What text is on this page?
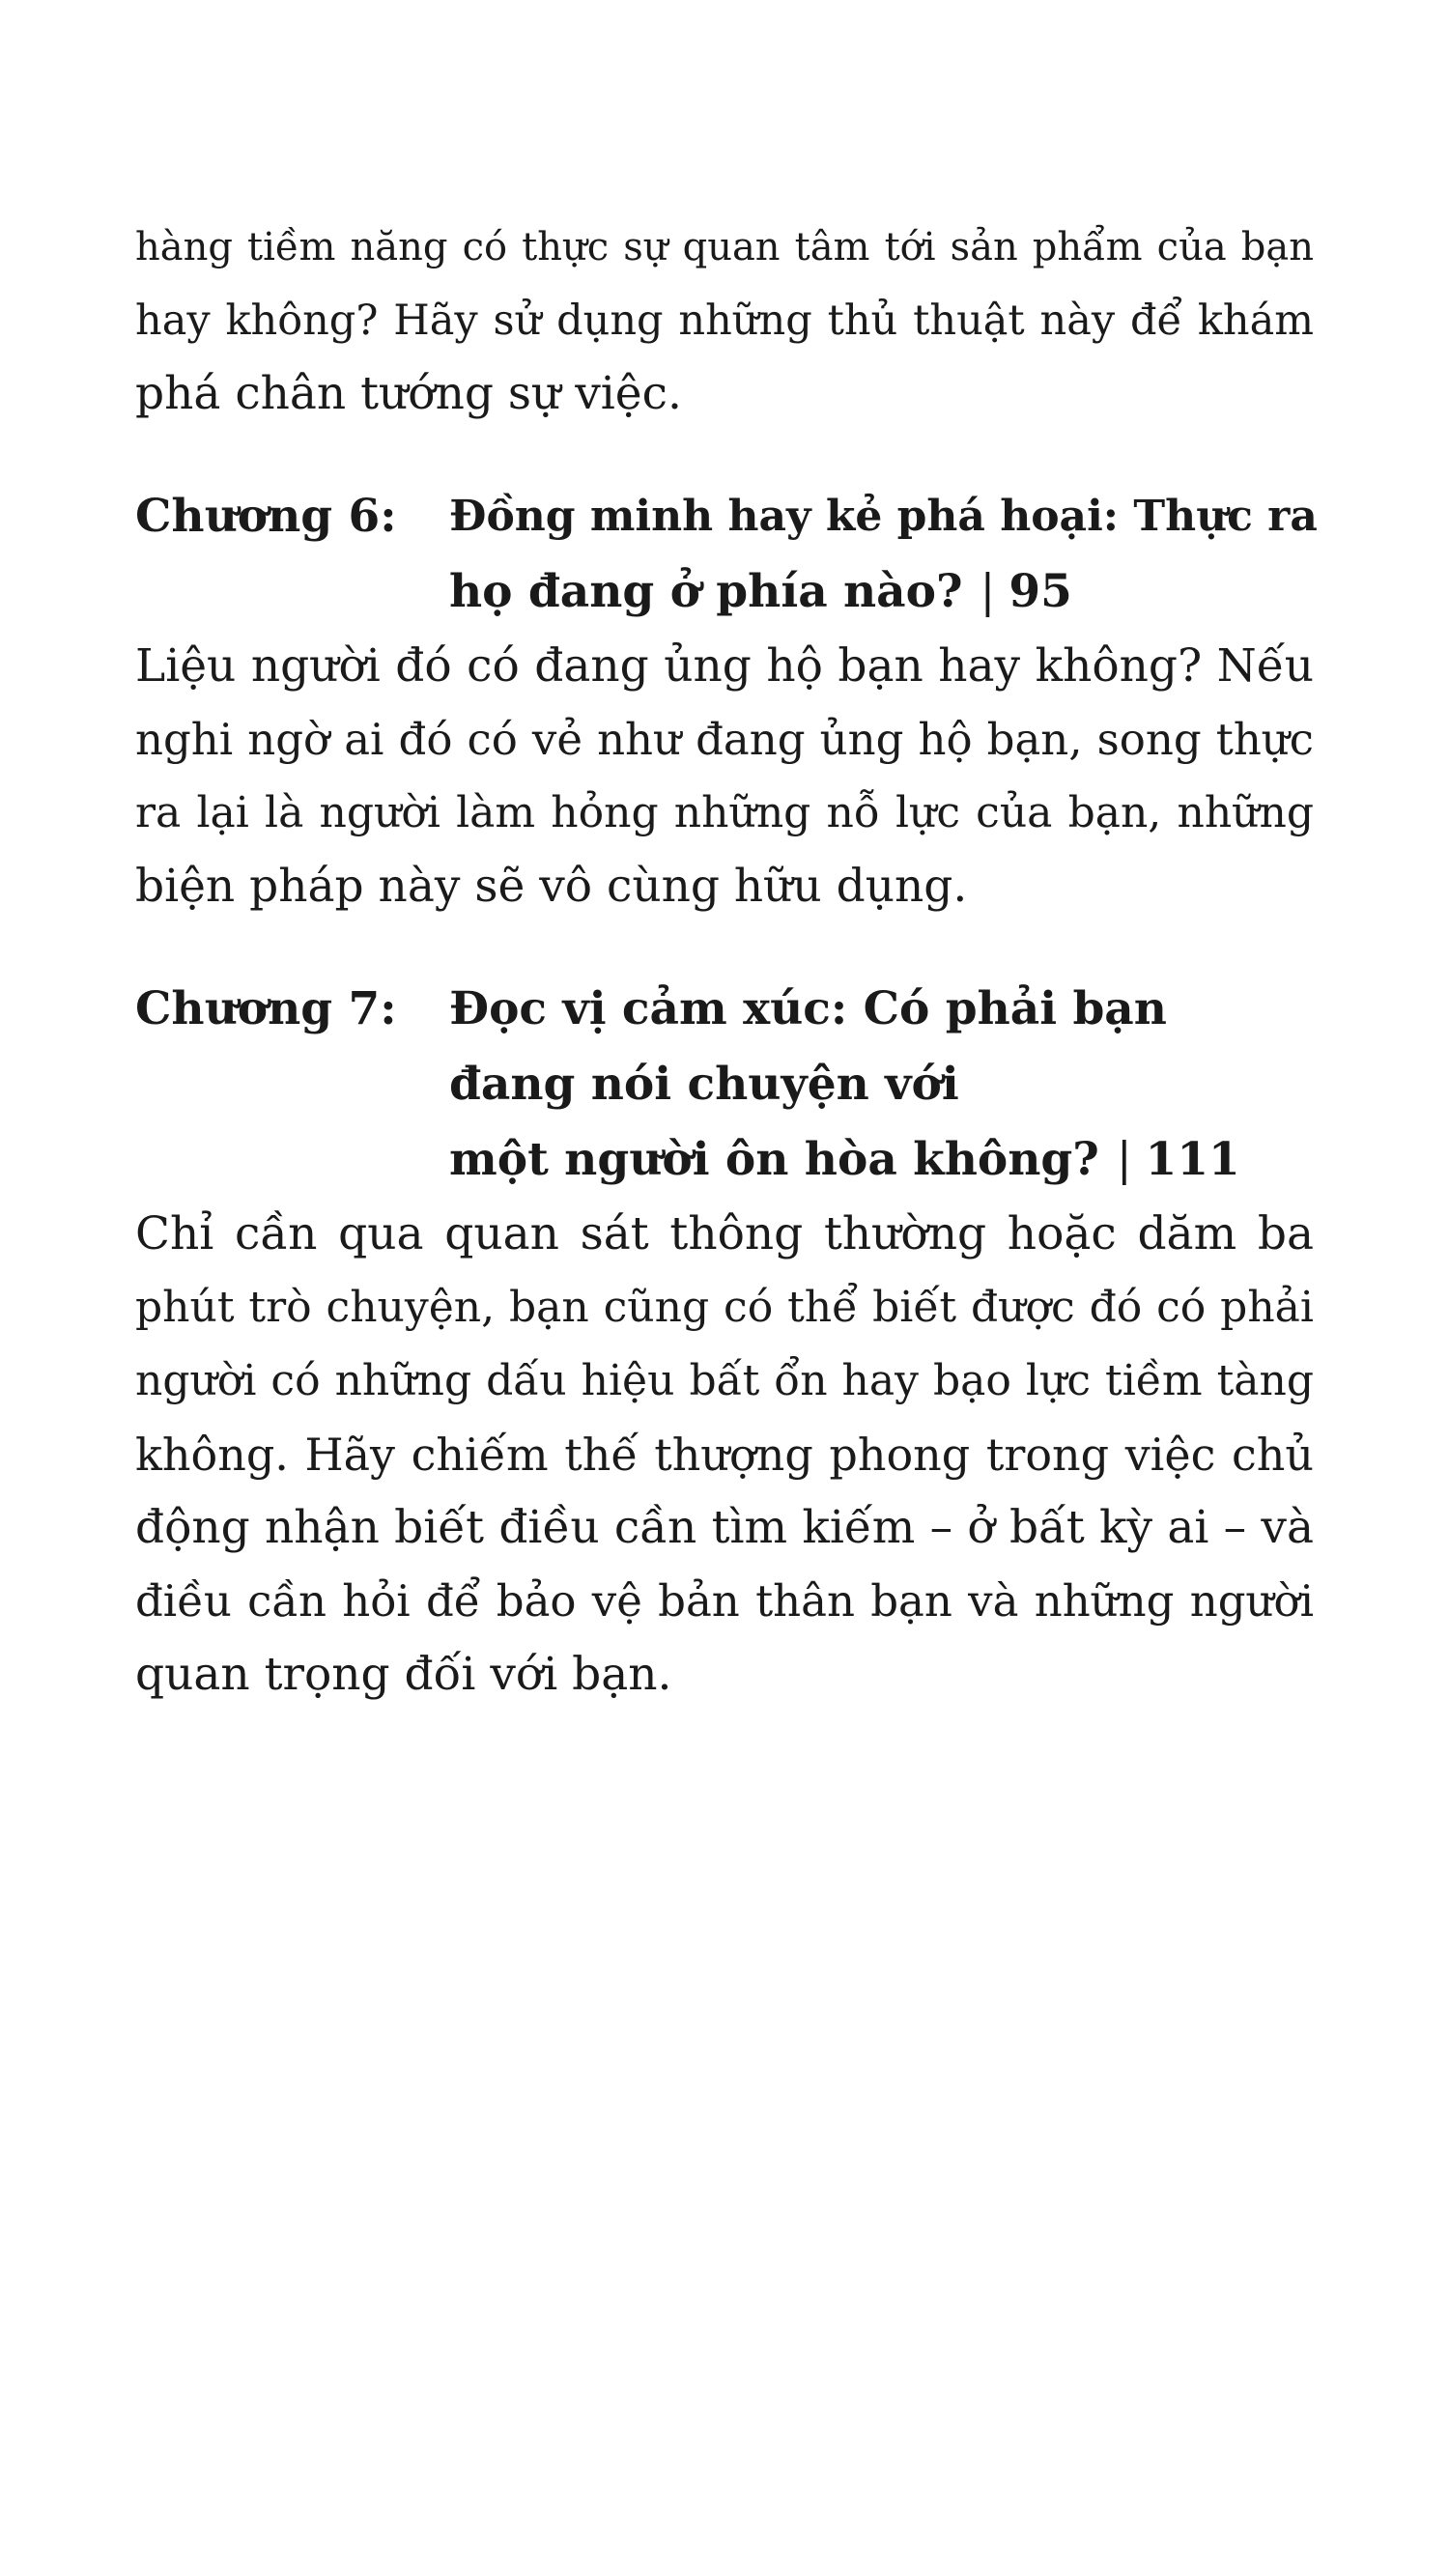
hàng tiềm năng có thực sự quan tâm tới sản phẩm của bạn
hay không? Hãy sử dụng những thủ thuật này để khám
phá chân tướng sự việc.
Chương 6: Đồng minh hay kẻ phá hoại: Thực ra
họ đang ở phía nào? | 95
Liệu người đó có đang ủng hộ bạn hay không? Nếu
nghi ngờ ai đó có vẻ như đang ủng hộ bạn, song thực
ra lại là người làm hỏng những nỗ lực của bạn, những
biện pháp này sẽ vô cùng hữu dụng.
Chương 7: Đọc vị cảm xúc: Có phải bạn
đang nói chuyện với
một người ôn hòa không? | 111
Chỉ cần qua quan sát thông thường hoặc dăm ba
phút trò chuyện, bạn cũng có thể biết được đó có phải
người có những dấu hiệu bất ổn hay bạo lực tiềm tàng
không. Hãy chiếm thế thượng phong trong việc chủ
động nhận biết điều cần tìm kiếm – ở bất kỳ ai – và
điều cần hỏi để bảo vệ bản thân bạn và những người
quan trọng đối với bạn.
